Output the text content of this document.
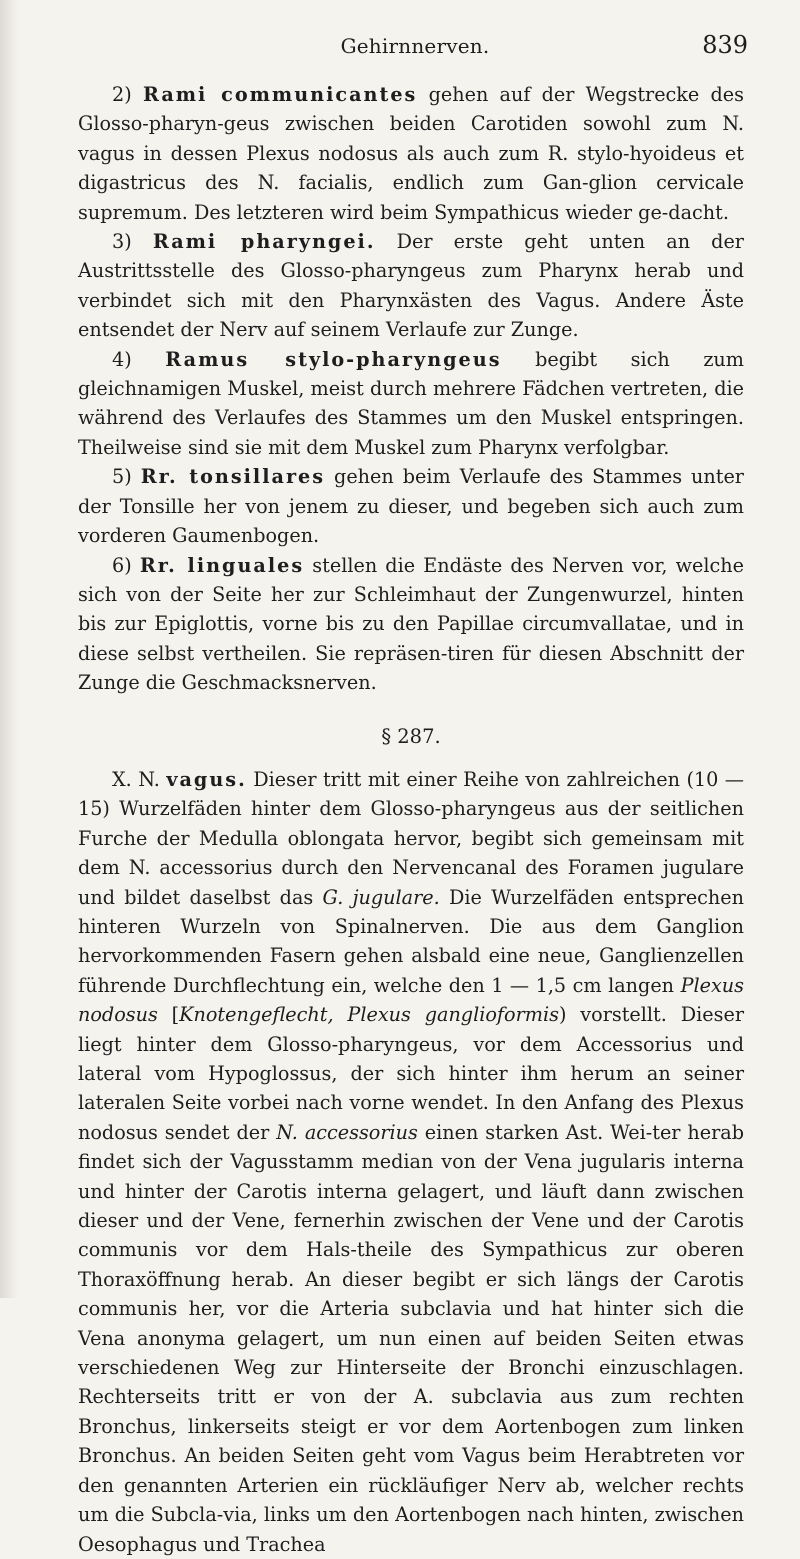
Gehirnnerven.	839

2) Rami communicantes gehen auf der Wegstrecke des Glosso-pharyn-geus zwischen beiden Carotiden sowohl zum N. vagus in dessen Plexus nodosus als auch zum R. stylo-hyoideus et digastricus des N. facialis, endlich zum Gan-glion cervicale supremum. Des letzteren wird beim Sympathicus wieder ge-dacht.

3) Rami pharyngei. Der erste geht unten an der Austrittsstelle des Glosso-pharyngeus zum Pharynx herab und verbindet sich mit den Pharynxästen des Vagus. Andere Äste entsendet der Nerv auf seinem Verlaufe zur Zunge.

4) Ramus stylo-pharyngeus begibt sich zum gleichnamigen Muskel, meist durch mehrere Fädchen vertreten, die während des Verlaufes des Stammes um den Muskel entspringen. Theilweise sind sie mit dem Muskel zum Pharynx verfolgbar.

5) Rr. tonsillares gehen beim Verlaufe des Stammes unter der Tonsille her von jenem zu dieser, und begeben sich auch zum vorderen Gaumenbogen.

6) Rr. linguales stellen die Endäste des Nerven vor, welche sich von der Seite her zur Schleimhaut der Zungenwurzel, hinten bis zur Epiglottis, vorne bis zu den Papillae circumvallatae, und in diese selbst vertheilen. Sie repräsen-tiren für diesen Abschnitt der Zunge die Geschmacksnerven.

§ 287.

X. N. vagus. Dieser tritt mit einer Reihe von zahlreichen (10 — 15) Wurzelfäden hinter dem Glosso-pharyngeus aus der seitlichen Furche der Medulla oblongata hervor, begibt sich gemeinsam mit dem N. accessorius durch den Nervencanal des Foramen jugulare und bildet daselbst das G. jugulare. Die Wurzelfäden entsprechen hinteren Wurzeln von Spinalnerven. Die aus dem Ganglion hervorkommenden Fasern gehen alsbald eine neue, Ganglienzellen führende Durchflechtung ein, welche den 1 — 1,5 cm langen Plexus nodosus [Knotengeflecht, Plexus ganglioformis) vorstellt. Dieser liegt hinter dem Glosso-pharyngeus, vor dem Accessorius und lateral vom Hypoglossus, der sich hinter ihm herum an seiner lateralen Seite vorbei nach vorne wendet. In den Anfang des Plexus nodosus sendet der N. accessorius einen starken Ast. Wei-ter herab findet sich der Vagusstamm median von der Vena jugularis interna und hinter der Carotis interna gelagert, und läuft dann zwischen dieser und der Vene, fernerhin zwischen der Vene und der Carotis communis vor dem Hals-theile des Sympathicus zur oberen Thoraxöffnung herab. An dieser begibt er sich längs der Carotis communis her, vor die Arteria subclavia und hat hinter sich die Vena anonyma gelagert, um nun einen auf beiden Seiten etwas verschiedenen Weg zur Hinterseite der Bronchi einzuschlagen. Rechterseits tritt er von der A. subclavia aus zum rechten Bronchus, linkerseits steigt er vor dem Aortenbogen zum linken Bronchus. An beiden Seiten geht vom Vagus beim Herabtreten vor den genannten Arterien ein rückläufiger Nerv ab, welcher rechts um die Subcla-via, links um den Aortenbogen nach hinten, zwischen Oesophagus und Trachea
